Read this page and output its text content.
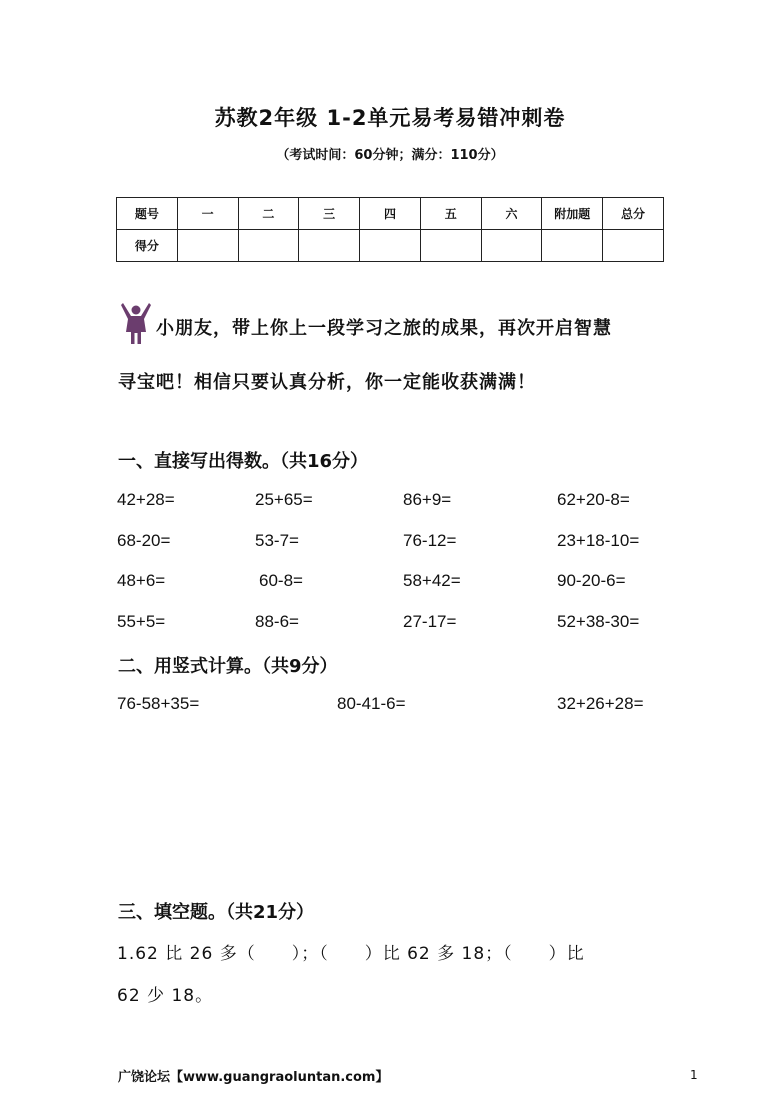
苏教2年级 1-2单元易考易错冲刺卷
（考试时间：60分钟；满分：110分）
题号	一	二	三	四	五	六	附加题	总分
得分								
小朋友，带上你上一段学习之旅的成果，再次开启智慧
寻宝吧！相信只要认真分析，你一定能收获满满！
一、直接写出得数。（共16分）
42+28=	25+65=	86+9=	62+20-8=
68-20=	53-7=	76-12=	23+18-10=
48+6=	60-8=	58+42=	90-20-6=
55+5=	88-6=	27-17=	52+38-30=
二、用竖式计算。（共9分）
76-58+35=	80-41-6=	32+26+28=
三、填空题。（共21分）
1.62 比 26 多（　　）；（　　）比 62 多 18；（　　）比
62 少 18。
广饶论坛【www.guangraoluntan.com】	1
